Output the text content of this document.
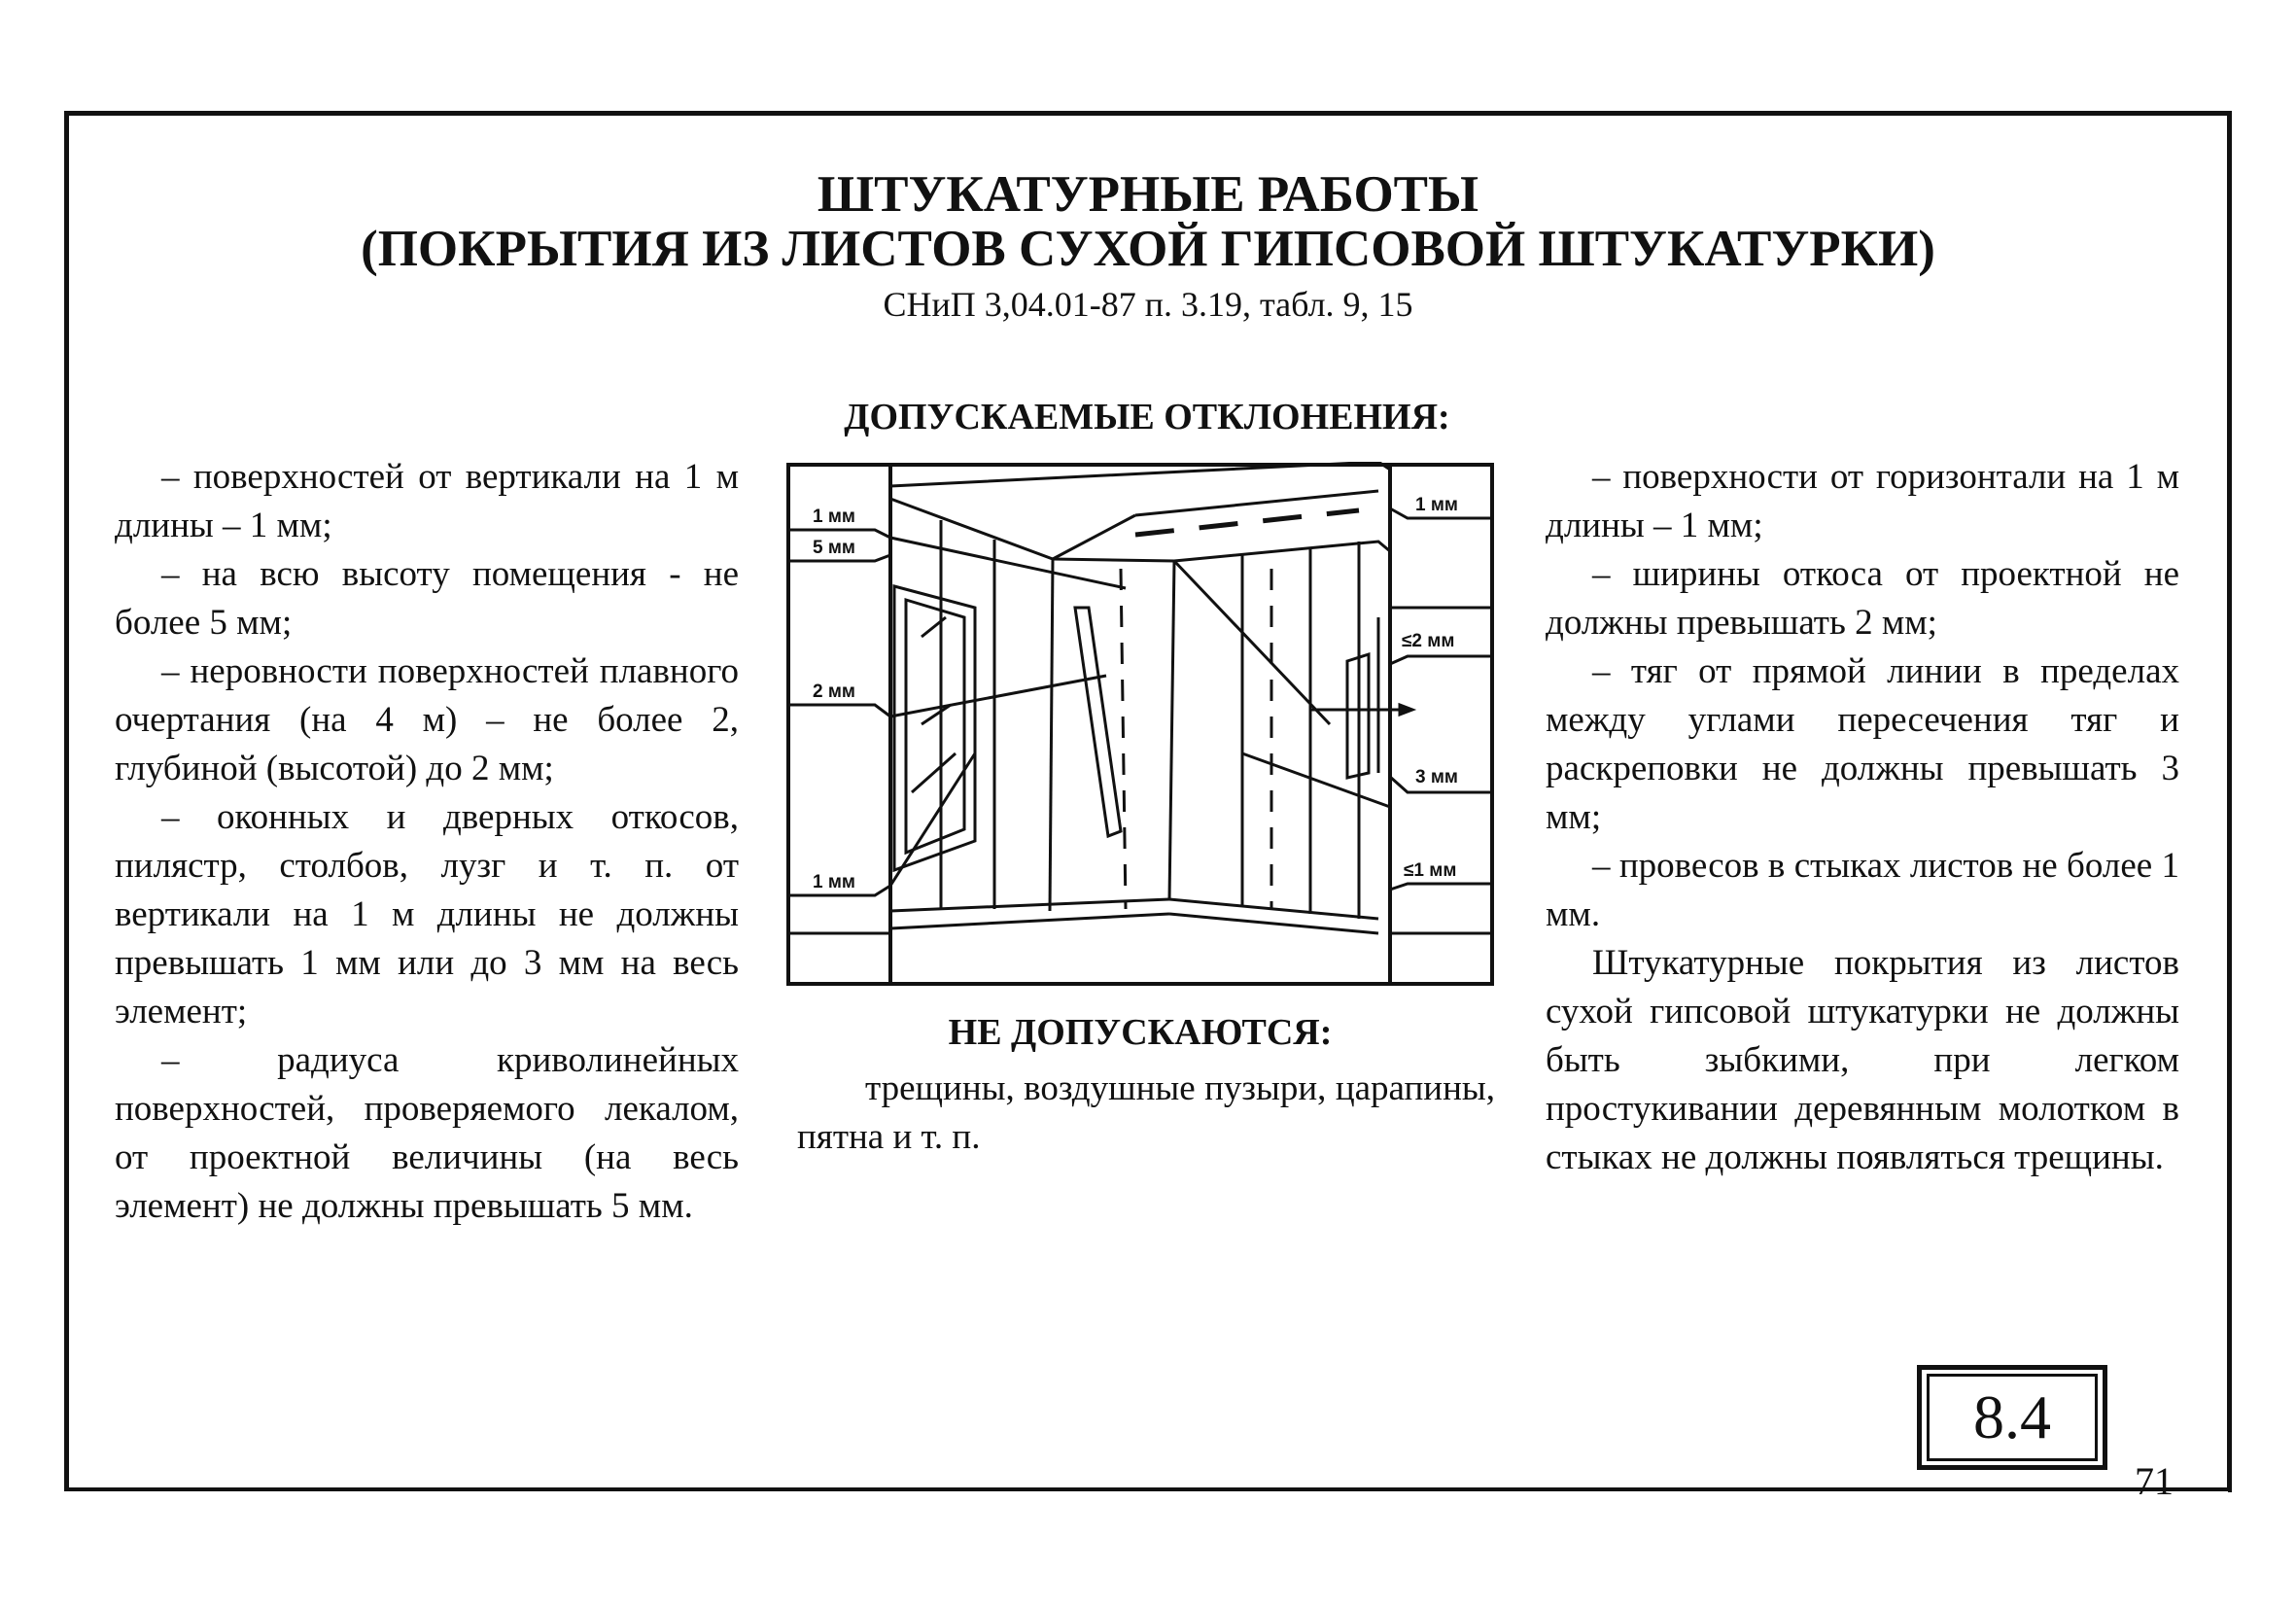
ШТУКАТУРНЫЕ РАБОТЫ
(ПОКРЫТИЯ ИЗ ЛИСТОВ СУХОЙ ГИПСОВОЙ ШТУКАТУРКИ)
СНиП 3,04.01-87 п. 3.19, табл. 9, 15
ДОПУСКАЕМЫЕ ОТКЛОНЕНИЯ:

– поверхностей от вертикали на 1 м длины – 1 мм;

– на всю высоту помещения - не более 5 мм;

– неровности поверхностей плавного очертания (на 4 м) – не более 2, глубиной (высотой) до 2 мм;

– оконных и дверных откосов, пилястр, столбов, лузг и т. п. от вертикали на 1 м длины не должны превышать 1 мм или до 3 мм на весь элемент;

– радиуса криволинейных поверхностей, проверяемого лекалом, от проектной величины (на весь элемент) не должны превышать 5 мм.

1 мм
5 мм
2 мм
1 мм
1 мм
≤2 мм
3 мм
≤1 мм
НЕ ДОПУСКАЮТСЯ:
трещины, воздушные пузыри, царапины, пятна и т. п.

– поверхности от горизонтали на 1 м длины – 1 мм;

– ширины откоса от проектной не должны превышать 2 мм;

– тяг от прямой линии в пределах между углами пересечения тяг и раскреповки не должны превышать 3 мм;

– провесов в стыках листов не более 1 мм.

Штукатурные покрытия из листов сухой гипсовой штукатурки не должны быть зыбкими, при легком простукивании деревянным молотком в стыках не должны появляться трещины.

8.4
71
